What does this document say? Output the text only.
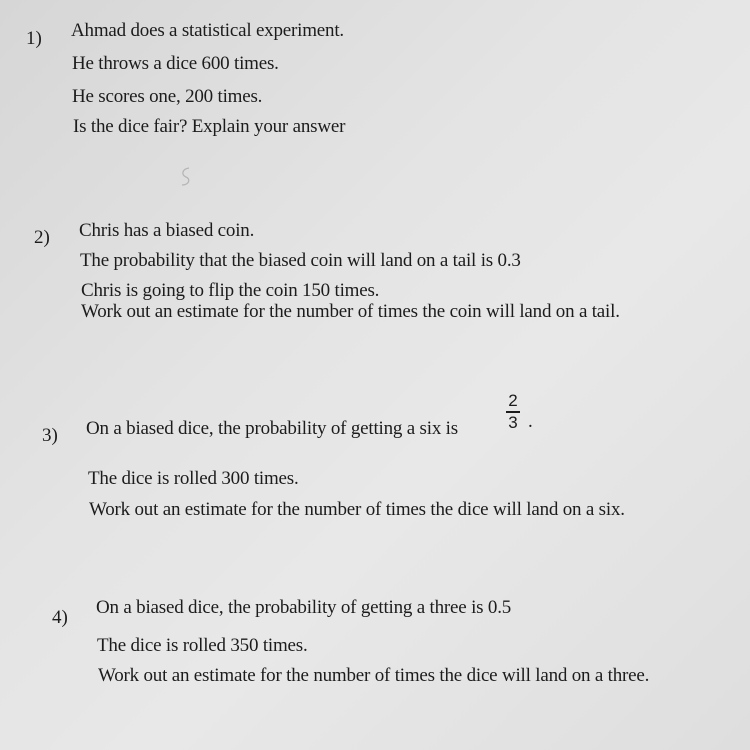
1) Ahmad does a statistical experiment.
He throws a dice 600 times.
He scores one, 200 times.
Is the dice fair? Explain your answer
2) Chris has a biased coin.
The probability that the biased coin will land on a tail is 0.3
Chris is going to flip the coin 150 times.
Work out an estimate for the number of times the coin will land on a tail.
3) On a biased dice, the probability of getting a six is
2
3 .
The dice is rolled 300 times.
Work out an estimate for the number of times the dice will land on a six.
4) On a biased dice, the probability of getting a three is 0.5
The dice is rolled 350 times.
Work out an estimate for the number of times the dice will land on a three.
